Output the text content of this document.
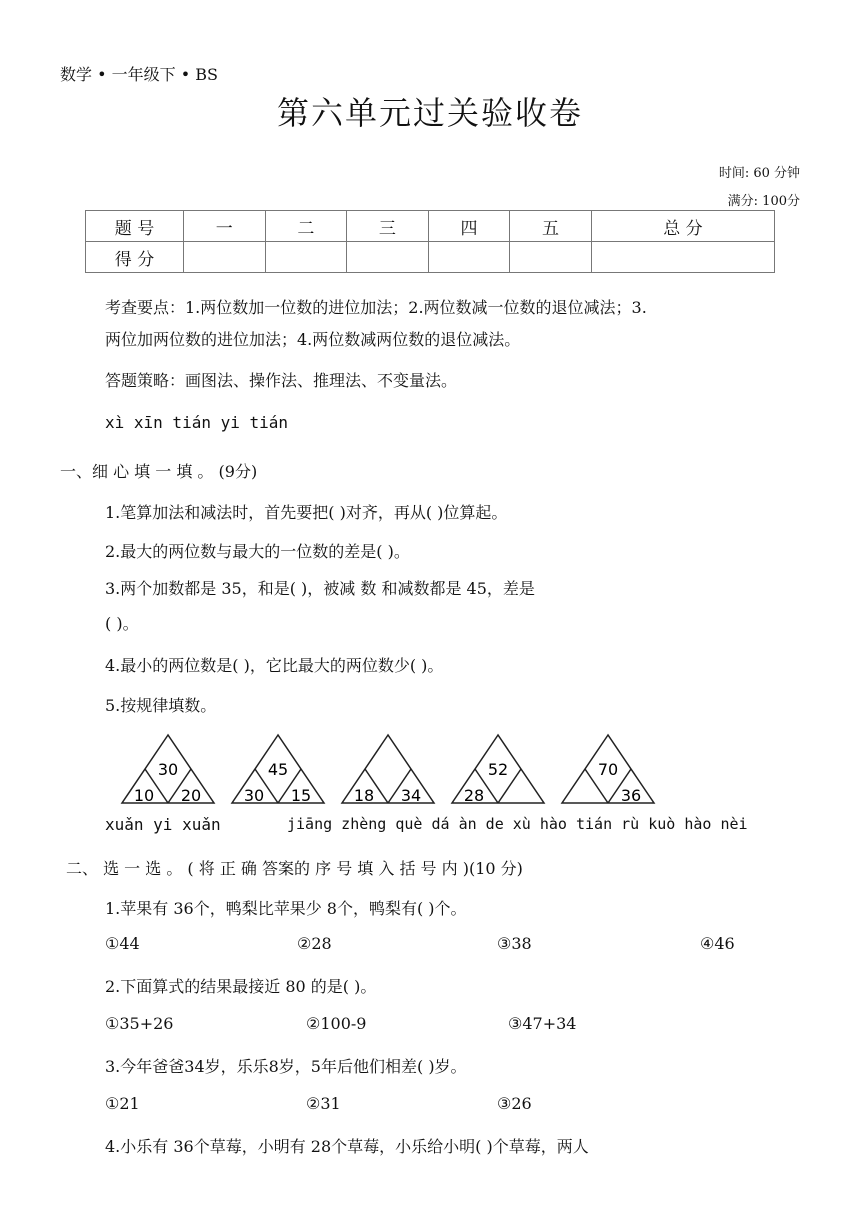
数学 • 一年级下 • BS
第六单元过关验收卷
时间: 60 分钟
满分: 100分
题 号	一	二	三	四	五	总 分
得 分						
考查要点：1.两位数加一位数的进位加法；2.两位数减一位数的退位减法；3.
两位加两位数的进位加法；4.两位数减两位数的退位减法。
答题策略：画图法、操作法、推理法、不变量法。
xì xīn tián yi tián
一、细 心 填 一 填 。 (9分)
1.笔算加法和减法时，首先要把( )对齐，再从( )位算起。
2.最大的两位数与最大的一位数的差是( )。
3.两个加数都是 35，和是( )，被减 数 和减数都是 45，差是
( )。
4.最小的两位数是( )，它比最大的两位数少( )。
5.按规律填数。
30
10 20
45
30 15	18 34
52
28
70
36
xuǎn yi xuǎn	jiāng zhèng què dá àn de xù hào tián rù kuò hào nèi
二、 选 一 选 。 ( 将 正 确 答案的 序 号 填 入 括 号 内 )(10 分)
1.苹果有 36个，鸭梨比苹果少 8个，鸭梨有( )个。
①44	②28	③38	④46
2.下面算式的结果最接近 80 的是( )。
①35+26	②100-9	③47+34
3.今年爸爸34岁，乐乐8岁，5年后他们相差( )岁。
①21	②31	③26
4.小乐有 36个草莓，小明有 28个草莓，小乐给小明( )个草莓，两人
